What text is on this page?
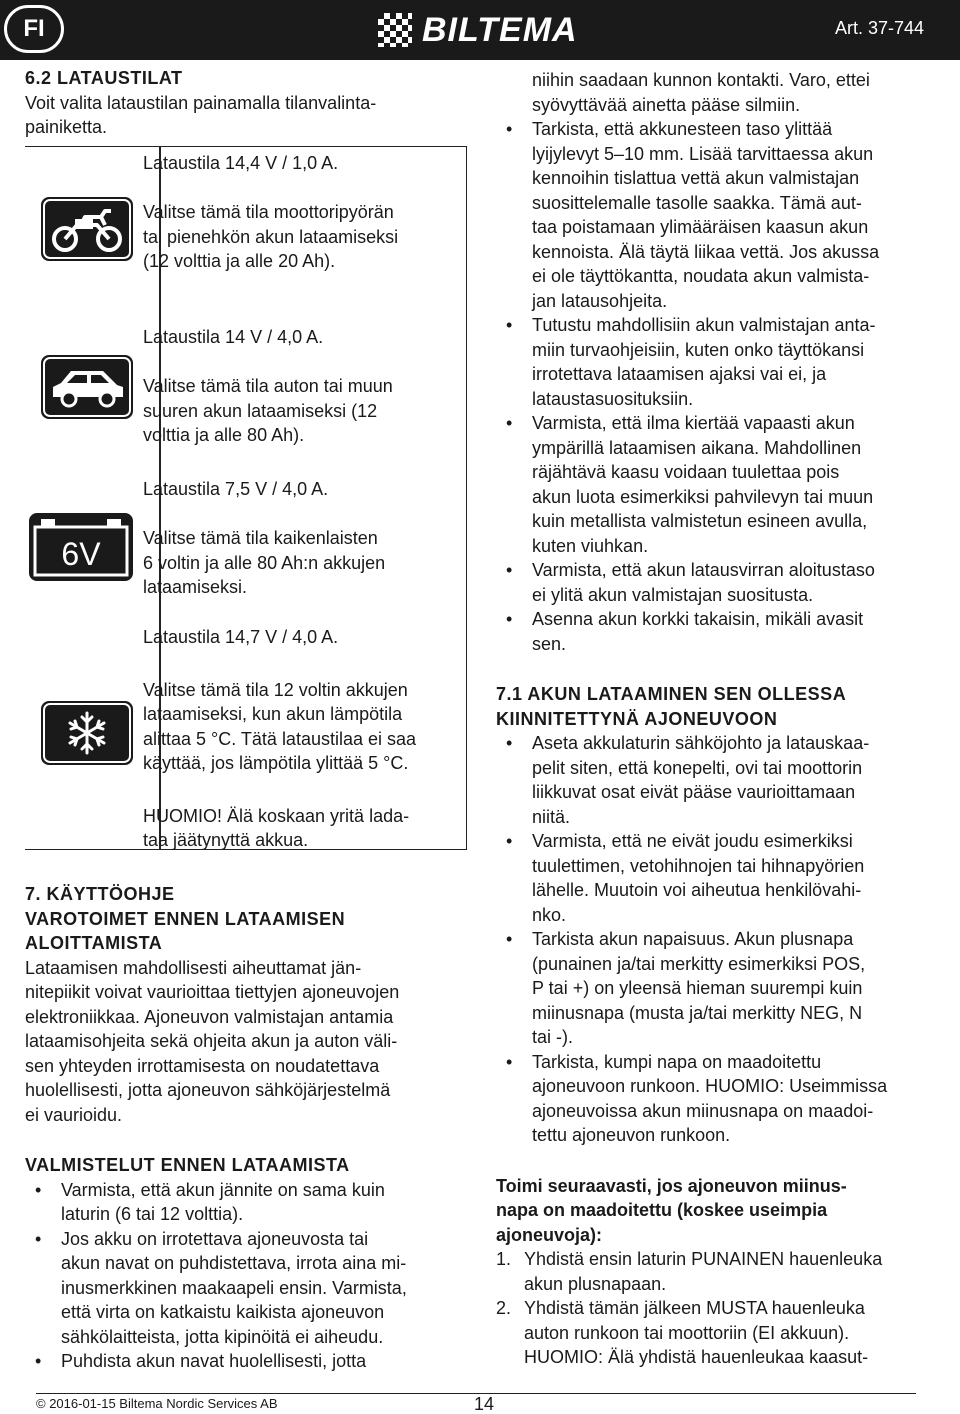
FI	BILTEMA	Art. 37-744
6.2 LATAUSTILAT
Voit valita lataustilan painamalla tilanvalinta-
painiketta.
Lataustila 14,4 V / 1,0 A.
Valitse tämä tila moottoripyörän
tai pienehkön akun lataamiseksi
(12 volttia ja alle 20 Ah).
Lataustila 14 V / 4,0 A.
Valitse tämä tila auton tai muun
suuren akun lataamiseksi (12
volttia ja alle 80 Ah).
6V
Lataustila 7,5 V / 4,0 A.
Valitse tämä tila kaikenlaisten
6 voltin ja alle 80 Ah:n akkujen
lataamiseksi.
Lataustila 14,7 V / 4,0 A.
Valitse tämä tila 12 voltin akkujen
lataamiseksi, kun akun lämpötila
alittaa 5 °C. Tätä lataustilaa ei saa
käyttää, jos lämpötila ylittää 5 °C.
HUOMIO! Älä koskaan yritä lada-
taa jäätynyttä akkua.
7. KÄYTTÖOHJE
VAROTOIMET ENNEN LATAAMISEN
ALOITTAMISTA
Lataamisen mahdollisesti aiheuttamat jän-
nitepiikit voivat vaurioittaa tiettyjen ajoneuvojen
elektroniikkaa. Ajoneuvon valmistajan antamia
lataamisohjeita sekä ohjeita akun ja auton väli-
sen yhteyden irrottamisesta on noudatettava
huolellisesti, jotta ajoneuvon sähköjärjestelmä
ei vaurioidu.
VALMISTELUT ENNEN LATAAMISTA
• Varmista, että akun jännite on sama kuin
laturin (6 tai 12 volttia).
• Jos akku on irrotettava ajoneuvosta tai
akun navat on puhdistettava, irrota aina mi-
inusmerkkinen maakaapeli ensin. Varmista,
että virta on katkaistu kaikista ajoneuvon
sähkölaitteista, jotta kipinöitä ei aiheudu.
• Puhdista akun navat huolellisesti, jotta
niihin saadaan kunnon kontakti. Varo, ettei
syövyttävää ainetta pääse silmiin.
• Tarkista, että akkunesteen taso ylittää
lyijylevyt 5–10 mm. Lisää tarvittaessa akun
kennoihin tislattua vettä akun valmistajan
suosittelemalle tasolle saakka. Tämä aut-
taa poistamaan ylimääräisen kaasun akun
kennoista. Älä täytä liikaa vettä. Jos akussa
ei ole täyttökantta, noudata akun valmista-
jan latausohjeita.
• Tutustu mahdollisiin akun valmistajan anta-
miin turvaohjeisiin, kuten onko täyttökansi
irrotettava lataamisen ajaksi vai ei, ja
lataustasuosituksiin.
• Varmista, että ilma kiertää vapaasti akun
ympärillä lataamisen aikana. Mahdollinen
räjähtävä kaasu voidaan tuulettaa pois
akun luota esimerkiksi pahvilevyn tai muun
kuin metallista valmistetun esineen avulla,
kuten viuhkan.
• Varmista, että akun latausvirran aloitustaso
ei ylitä akun valmistajan suositusta.
• Asenna akun korkki takaisin, mikäli avasit
sen.
7.1 AKUN LATAAMINEN SEN OLLESSA
KIINNITETTYNÄ AJONEUVOON
• Aseta akkulaturin sähköjohto ja latauskaa-
pelit siten, että konepelti, ovi tai moottorin
liikkuvat osat eivät pääse vaurioittamaan
niitä.
• Varmista, että ne eivät joudu esimerkiksi
tuulettimen, vetohihnojen tai hihnapyörien
lähelle. Muutoin voi aiheutua henkilövahi-
nko.
• Tarkista akun napaisuus. Akun plusnapa
(punainen ja/tai merkitty esimerkiksi POS,
P tai +) on yleensä hieman suurempi kuin
miinusnapa (musta ja/tai merkitty NEG, N
tai -).
• Tarkista, kumpi napa on maadoitettu
ajoneuvoon runkoon. HUOMIO: Useimmissa
ajoneuvoissa akun miinusnapa on maadoi-
tettu ajoneuvon runkoon.
Toimi seuraavasti, jos ajoneuvon miinus-
napa on maadoitettu (koskee useimpia
ajoneuvoja):
1. Yhdistä ensin laturin PUNAINEN hauenleuka
akun plusnapaan.
2. Yhdistä tämän jälkeen MUSTA hauenleuka
auton runkoon tai moottoriin (EI akkuun).
HUOMIO: Älä yhdistä hauenleukaa kaasut-
© 2016-01-15 Biltema Nordic Services AB	14
